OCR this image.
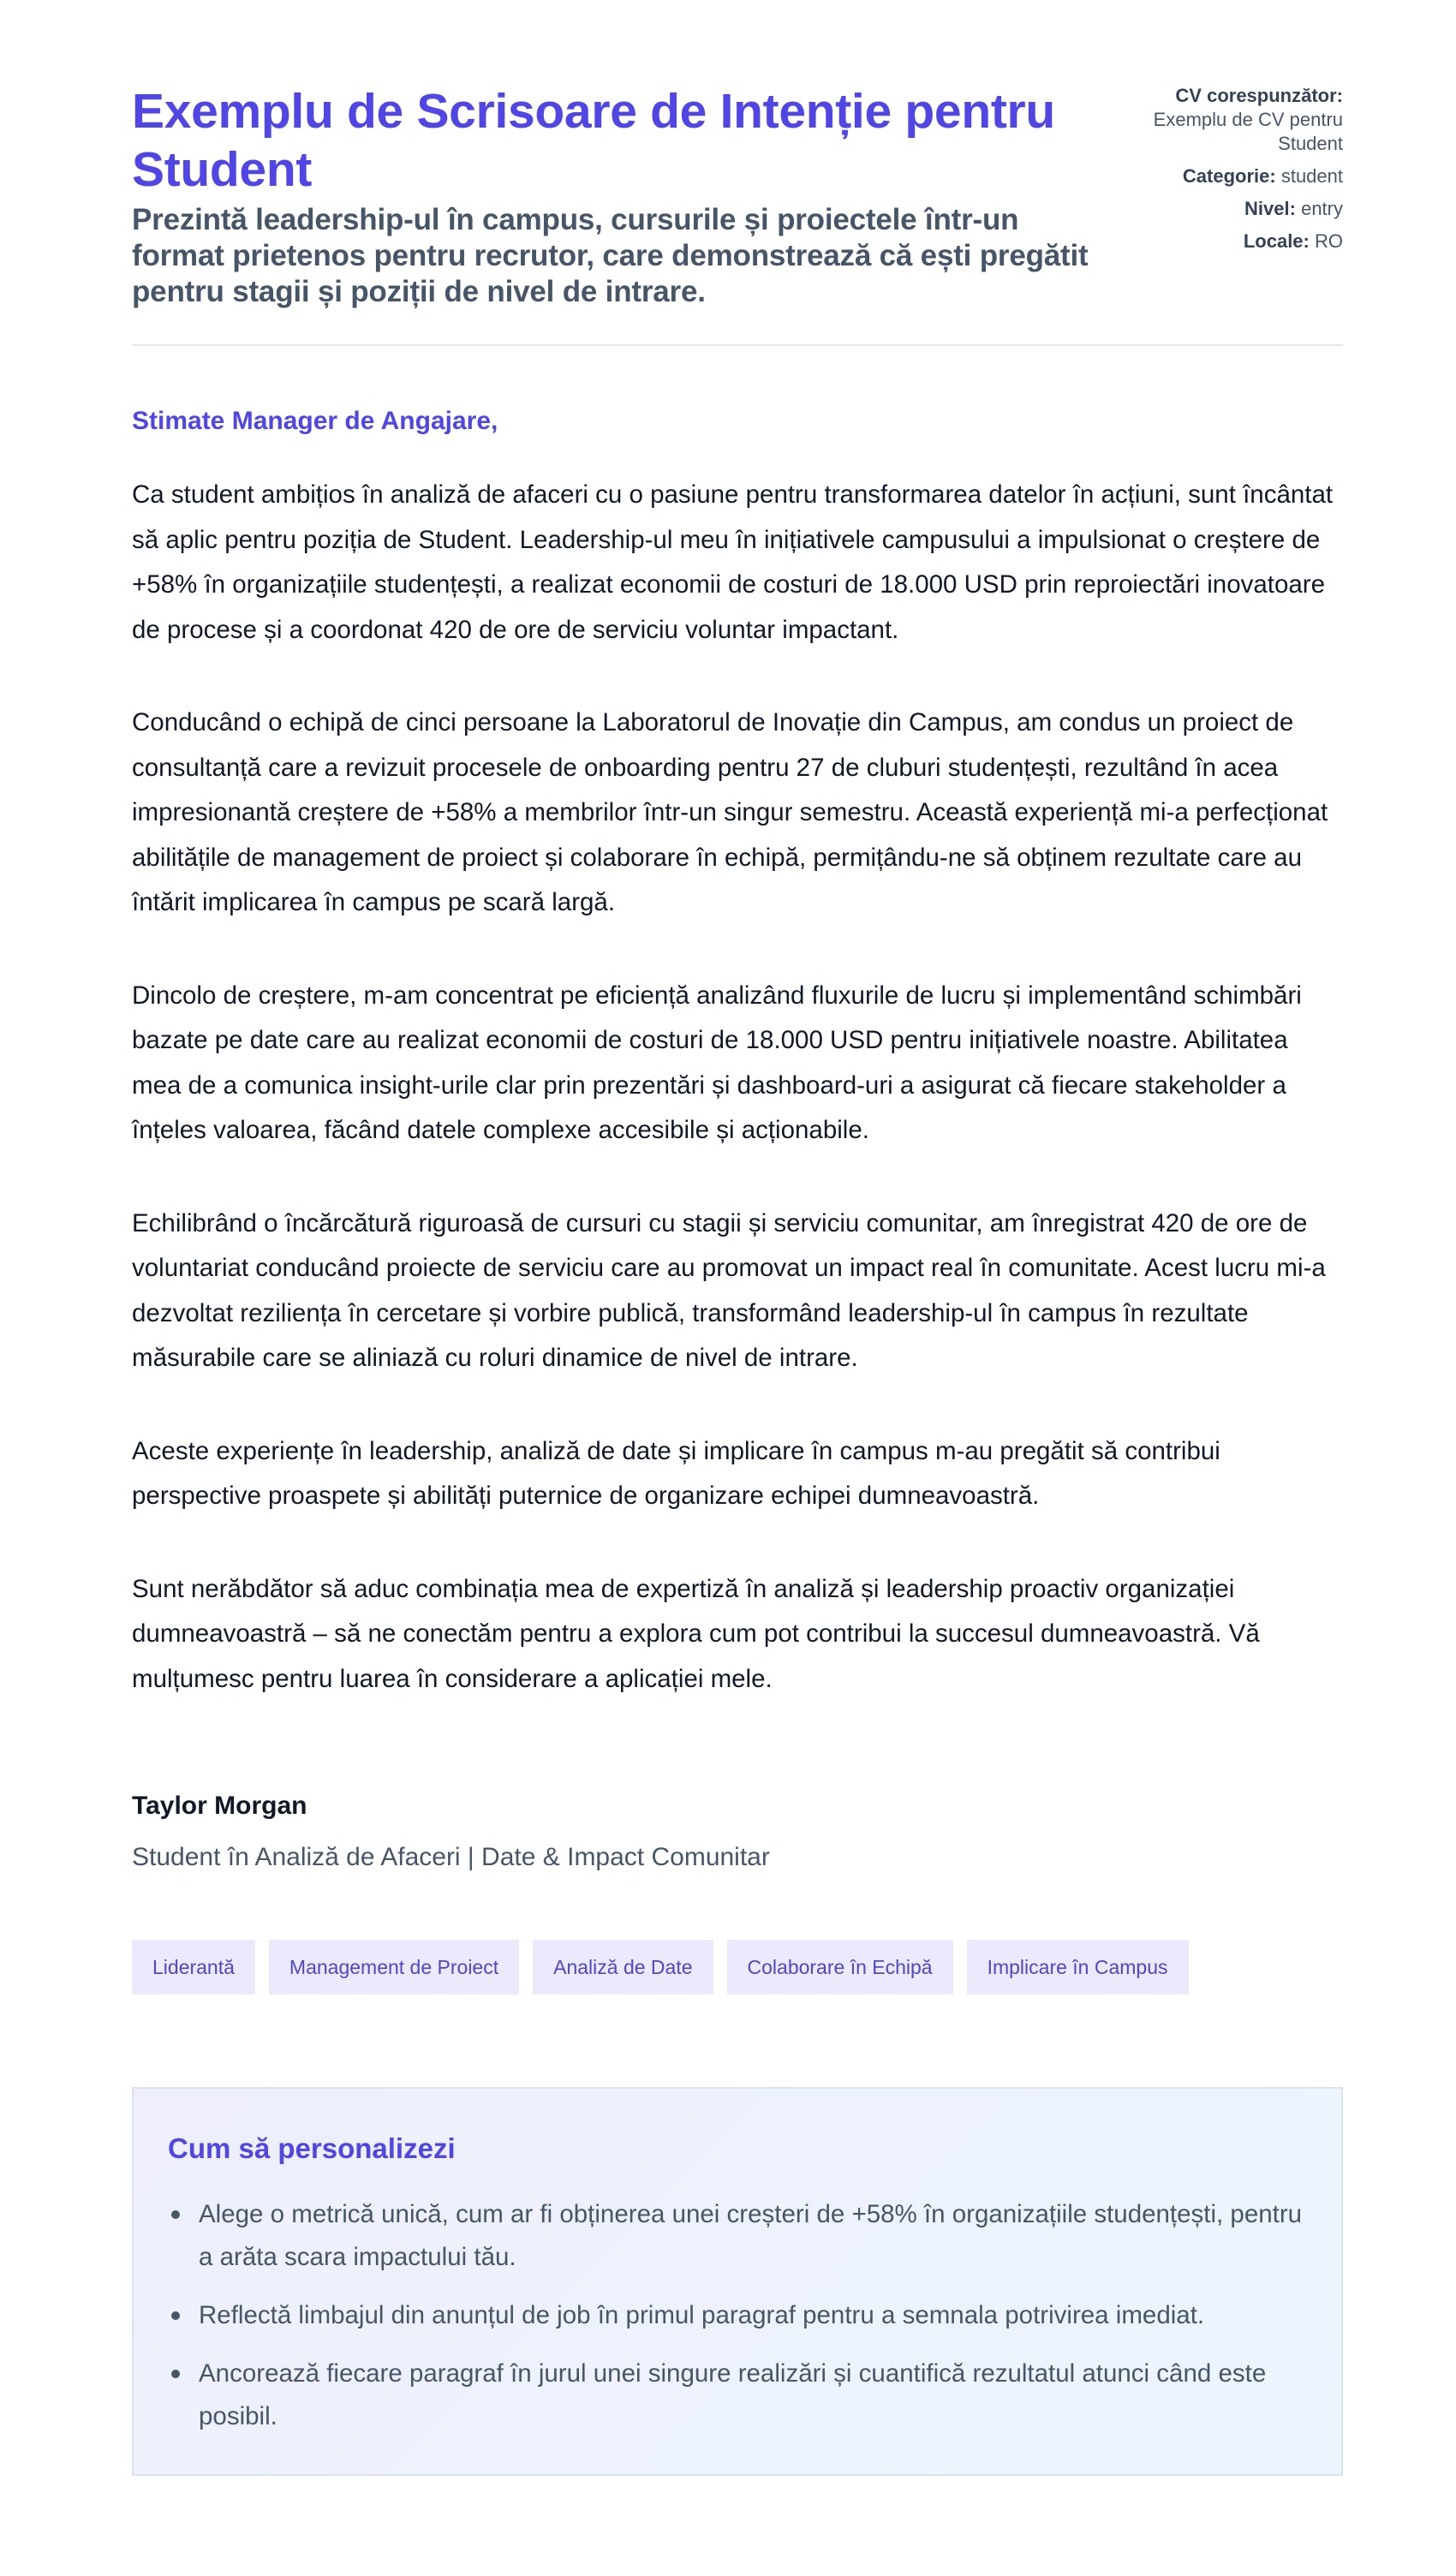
Exemplu de Scrisoare de Intenție pentru Student

Prezintă leadership-ul în campus, cursurile și proiectele într-un format prietenos pentru recrutor, care demonstrează că ești pregătit pentru stagii și poziții de nivel de intrare.

CV corespunzător: Exemplu de CV pentru Student
Categorie: student
Nivel: entry
Locale: RO

Stimate Manager de Angajare,

Ca student ambițios în analiză de afaceri cu o pasiune pentru transformarea datelor în acțiuni, sunt încântat să aplic pentru poziția de Student. Leadership-ul meu în inițiativele campusului a impulsionat o creștere de +58% în organizațiile studențești, a realizat economii de costuri de 18.000 USD prin reproiectări inovatoare de procese și a coordonat 420 de ore de serviciu voluntar impactant.

Conducând o echipă de cinci persoane la Laboratorul de Inovație din Campus, am condus un proiect de consultanță care a revizuit procesele de onboarding pentru 27 de cluburi studențești, rezultând în acea impresionantă creștere de +58% a membrilor într-un singur semestru. Această experiență mi-a perfecționat abilitățile de management de proiect și colaborare în echipă, permițându-ne să obținem rezultate care au întărit implicarea în campus pe scară largă.

Dincolo de creștere, m-am concentrat pe eficiență analizând fluxurile de lucru și implementând schimbări bazate pe date care au realizat economii de costuri de 18.000 USD pentru inițiativele noastre. Abilitatea mea de a comunica insight-urile clar prin prezentări și dashboard-uri a asigurat că fiecare stakeholder a înțeles valoarea, făcând datele complexe accesibile și acționabile.

Echilibrând o încărcătură riguroasă de cursuri cu stagii și serviciu comunitar, am înregistrat 420 de ore de voluntariat conducând proiecte de serviciu care au promovat un impact real în comunitate. Acest lucru mi-a dezvoltat reziliența în cercetare și vorbire publică, transformând leadership-ul în campus în rezultate măsurabile care se aliniază cu roluri dinamice de nivel de intrare.

Aceste experiențe în leadership, analiză de date și implicare în campus m-au pregătit să contribui perspective proaspete și abilități puternice de organizare echipei dumneavoastră.

Sunt nerăbdător să aduc combinația mea de expertiză în analiză și leadership proactiv organizației dumneavoastră – să ne conectăm pentru a explora cum pot contribui la succesul dumneavoastră. Vă mulțumesc pentru luarea în considerare a aplicației mele.

Taylor Morgan
Student în Analiză de Afaceri | Date & Impact Comunitar
Liderantă	Management de Proiect	Analiză de Date	Colaborare în Echipă	Implicare în Campus
Cum să personalizezi
Alege o metrică unică, cum ar fi obținerea unei creșteri de +58% în organizațiile studențești, pentru a arăta scara impactului tău.
Reflectă limbajul din anunțul de job în primul paragraf pentru a semnala potrivirea imediat.
Ancorează fiecare paragraf în jurul unei singure realizări și cuantifică rezultatul atunci când este posibil.
